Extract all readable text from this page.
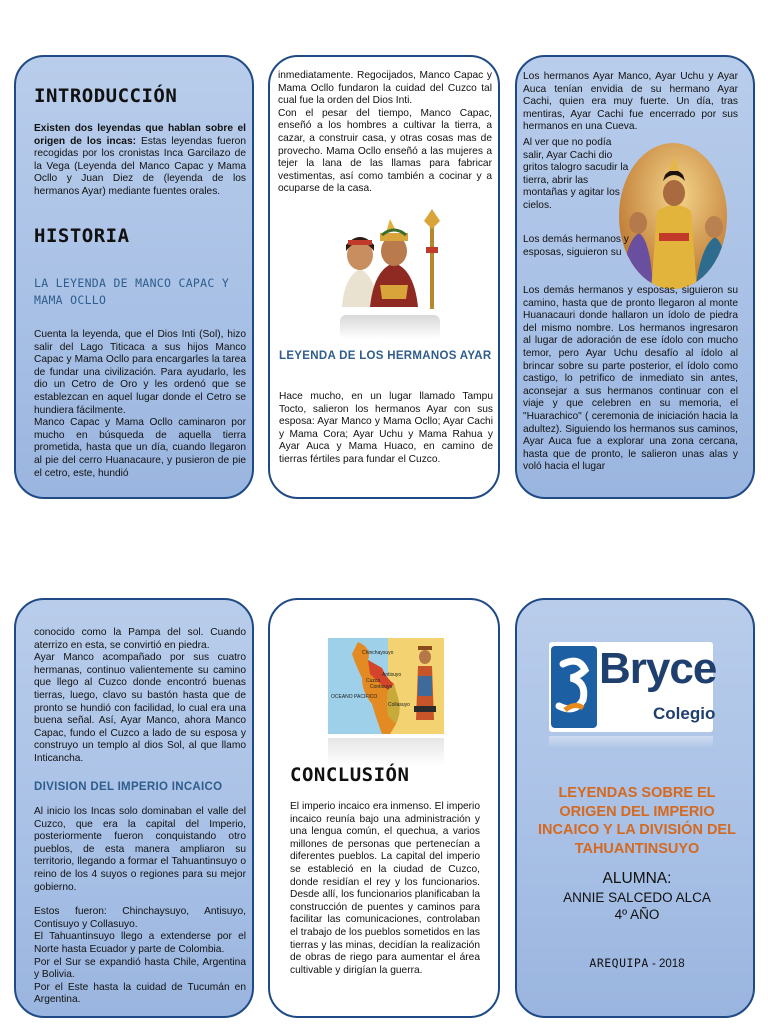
INTRODUCCIÓN

Existen dos leyendas que hablan sobre el origen de los incas: Estas leyendas fueron recogidas por los cronistas Inca Garcilazo de la Vega (Leyenda del Manco Capac y Mama Ocllo y Juan Diez de (leyenda de los hermanos Ayar) mediante fuentes orales.

HISTORIA

LA LEYENDA DE MANCO CAPAC Y MAMA OCLLO

Cuenta la leyenda, que el Dios Inti (Sol), hizo salir del Lago Titicaca a sus hijos Manco Capac y Mama Ocllo para encargarles la tarea de fundar una civilización. Para ayudarlo, les dio un Cetro de Oro y les ordenó que se establezcan en aquel lugar donde el Cetro se hundiera fácilmente.

Manco Capac y Mama Ocllo caminaron por mucho en búsqueda de aquella tierra prometida, hasta que un día, cuando llegaron al pie del cerro Huanacaure, y pusieron de pie el cetro, este, hundió

inmediatamente. Regocijados, Manco Capac y Mama Ocllo fundaron la cuidad del Cuzco tal cual fue la orden del Dios Inti.

Con el pesar del tiempo, Manco Capac, enseñó a los hombres a cultivar la tierra, a cazar, a construir casa, y otras cosas mas de provecho. Mama Ocllo enseñó a las mujeres a tejer la lana de las llamas para fabricar vestimentas, así como también a cocinar y a ocuparse de la casa.

LEYENDA DE LOS HERMANOS AYAR

Hace mucho, en un lugar llamado Tampu Tocto, salieron los hermanos Ayar con sus esposa: Ayar Manco y Mama Ocllo; Ayar Cachi y Mama Cora; Ayar Uchu y Mama Rahua y Ayar Auca y Mama Huaco, en camino de tierras fértiles para fundar el Cuzco.

Los hermanos Ayar Manco, Ayar Uchu y Ayar Auca tenían envidia de su hermano Ayar Cachi, quien era muy fuerte. Un día, tras mentiras, Ayar Cachi fue encerrado por sus hermanos en una Cueva.

Al ver que no podía salir, Ayar Cachi dio gritos talogro sacudir la tierra, abrir las montañas y agitar los cielos.

Los demás hermanos y esposas, siguieron su

Los demás hermanos y esposas, siguieron su camino, hasta que de pronto llegaron al monte Huanacauri donde hallaron un ídolo de piedra del mismo nombre. Los hermanos ingresaron al lugar de adoración de ese ídolo con mucho temor, pero Ayar Uchu desafío al ídolo al brincar sobre su parte posterior, el ídolo como castigo, lo petrifico de inmediato sin antes, aconsejar a sus hermanos continuar con el viaje y que celebren en su memoria, el "Huarachico" ( ceremonia de iniciación hacia la adultez). Siguiendo los hermanos sus caminos, Ayar Auca fue a explorar una zona cercana, hasta que de pronto, le salieron unas alas y voló hacia el lugar

conocido como la Pampa del sol. Cuando aterrizo en esta, se convirtió en piedra.

Ayar Manco acompañado por sus cuatro hermanas, continuo valientemente su camino que llego al Cuzco donde encontró buenas tierras, luego, clavo su bastón hasta que de pronto se hundió con facilidad, lo cual era una buena señal. Así, Ayar Manco, ahora Manco Capac, fundo el Cuzco a lado de su esposa y construyo un templo al dios Sol, al que llamo Inticancha.

DIVISION DEL IMPERIO INCAICO

Al inicio los Incas solo dominaban el valle del Cuzco, que era la capital del Imperio, posteriormente fueron conquistando otro pueblos, de esta manera ampliaron su territorio, llegando a formar el Tahuantinsuyo o reino de los 4 suyos o regiones para su mejor gobierno.

Estos fueron: Chinchaysuyo, Antisuyo, Contisuyo y Collasuyo.

El Tahuantinsuyo llego a extenderse por el Norte hasta Ecuador y parte de Colombia.

Por el Sur se expandió hasta Chile, Argentina y Bolivia.

Por el Este hasta la cuidad de Tucumán en Argentina.

Chinchaysuyo
Antisuyo
Cuzco
Contisuyo
Collasuyo
OCEANO PACIFICO
CONCLUSIÓN

El imperio incaico era inmenso. El imperio incaico reunía bajo una administración y una lengua común, el quechua, a varios millones de personas que pertenecían a diferentes pueblos. La capital del imperio se estableció en la ciudad de Cuzco, donde residían el rey y los funcionarios. Desde allí, los funcionarios planificaban la construcción de puentes y caminos para facilitar las comunicaciones, controlaban el trabajo de los pueblos sometidos en las tierras y las minas, decidían la realización de obras de riego para aumentar el área cultivable y dirigían la guerra.

Bryce
Colegio

LEYENDAS SOBRE EL ORIGEN DEL IMPERIO INCAICO Y LA DIVISIÓN DEL TAHUANTINSUYO

ALUMNA:

ANNIE SALCEDO ALCA

4º AÑO

AREQUIPA - 2018
